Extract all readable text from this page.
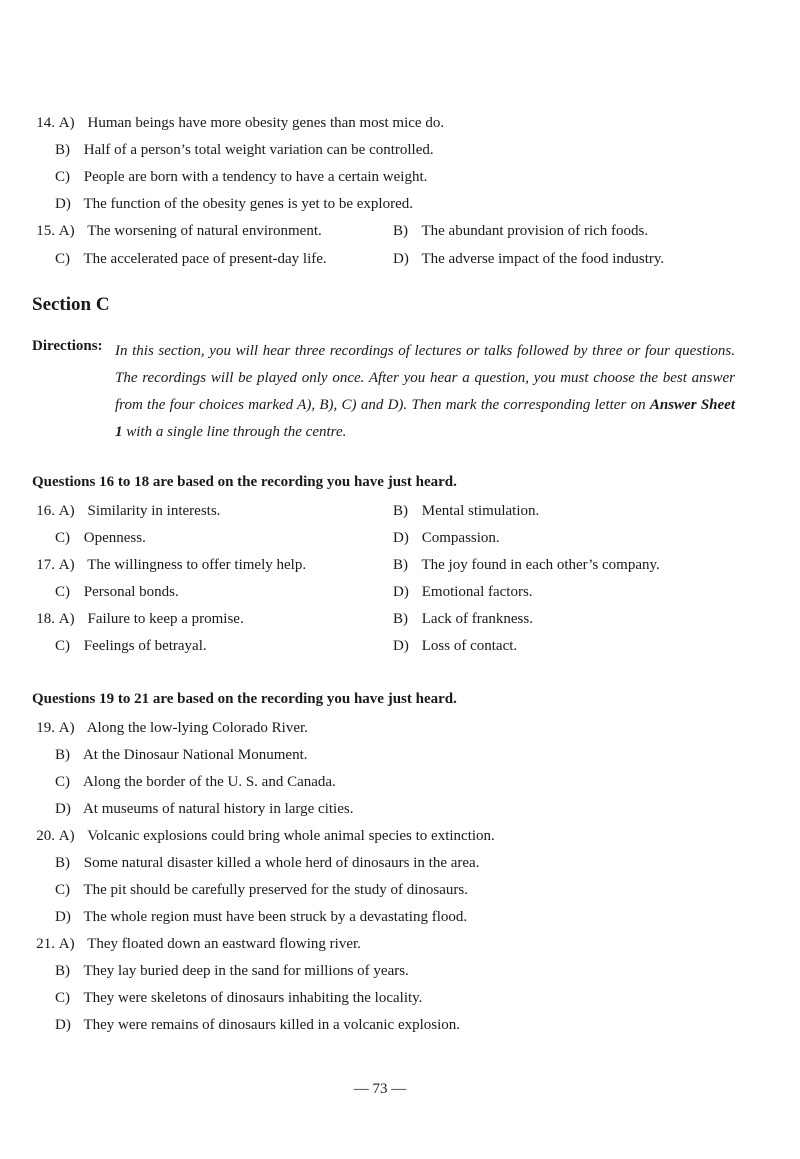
14. A) Human beings have more obesity genes than most mice do.
B) Half of a person’s total weight variation can be controlled.
C) People are born with a tendency to have a certain weight.
D) The function of the obesity genes is yet to be explored.
15. A) The worsening of natural environment.	B) The abundant provision of rich foods.
C) The accelerated pace of present-day life.	D) The adverse impact of the food industry.
Section C
Directions: In this section, you will hear three recordings of lectures or talks followed by three or four questions. The recordings will be played only once. After you hear a question, you must choose the best answer from the four choices marked A), B), C) and D). Then mark the corresponding letter on Answer Sheet 1 with a single line through the centre.
Questions 16 to 18 are based on the recording you have just heard.
16. A) Similarity in interests.	B) Mental stimulation.
C) Openness.	D) Compassion.
17. A) The willingness to offer timely help.	B) The joy found in each other’s company.
C) Personal bonds.	D) Emotional factors.
18. A) Failure to keep a promise.	B) Lack of frankness.
C) Feelings of betrayal.	D) Loss of contact.
Questions 19 to 21 are based on the recording you have just heard.
19. A) Along the low-lying Colorado River.
B) At the Dinosaur National Monument.
C) Along the border of the U. S. and Canada.
D) At museums of natural history in large cities.
20. A) Volcanic explosions could bring whole animal species to extinction.
B) Some natural disaster killed a whole herd of dinosaurs in the area.
C) The pit should be carefully preserved for the study of dinosaurs.
D) The whole region must have been struck by a devastating flood.
21. A) They floated down an eastward flowing river.
B) They lay buried deep in the sand for millions of years.
C) They were skeletons of dinosaurs inhabiting the locality.
D) They were remains of dinosaurs killed in a volcanic explosion.
— 73 —
